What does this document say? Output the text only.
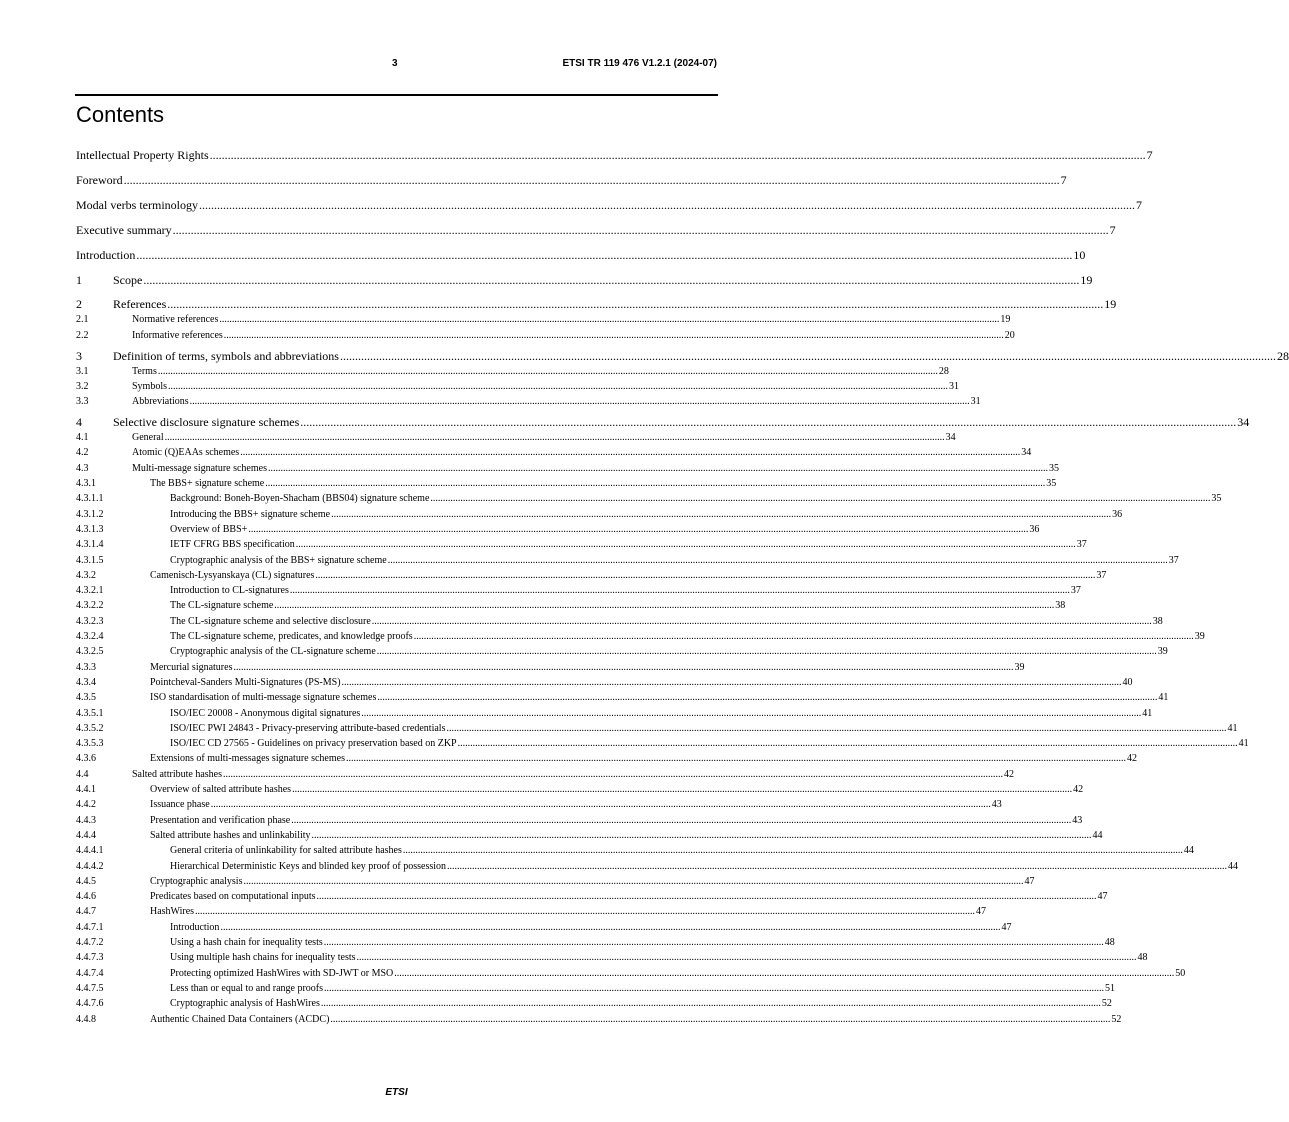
3	ETSI TR 119 476 V1.2.1 (2024-07)
Contents
Intellectual Property Rights .....	7
Foreword .....	7
Modal verbs terminology .....	7
Executive summary .....	7
Introduction .....	10
1	Scope .....	19
2	References .....	19
2.1	Normative references .....	19
2.2	Informative references .....	20
3	Definition of terms, symbols and abbreviations .....	28
3.1	Terms .....	28
3.2	Symbols .....	31
3.3	Abbreviations .....	31
4	Selective disclosure signature schemes .....	34
4.1	General .....	34
4.2	Atomic (Q)EAAs schemes .....	34
4.3	Multi-message signature schemes .....	35
4.3.1	The BBS+ signature scheme .....	35
4.3.1.1	Background: Boneh-Boyen-Shacham (BBS04) signature scheme .....	35
4.3.1.2	Introducing the BBS+ signature scheme .....	36
4.3.1.3	Overview of BBS+ .....	36
4.3.1.4	IETF CFRG BBS specification .....	37
4.3.1.5	Cryptographic analysis of the BBS+ signature scheme .....	37
4.3.2	Camenisch-Lysyanskaya (CL) signatures .....	37
4.3.2.1	Introduction to CL-signatures .....	37
4.3.2.2	The CL-signature scheme .....	38
4.3.2.3	The CL-signature scheme and selective disclosure .....	38
4.3.2.4	The CL-signature scheme, predicates, and knowledge proofs .....	39
4.3.2.5	Cryptographic analysis of the CL-signature scheme .....	39
4.3.3	Mercurial signatures .....	39
4.3.4	Pointcheval-Sanders Multi-Signatures (PS-MS) .....	40
4.3.5	ISO standardisation of multi-message signature schemes .....	41
4.3.5.1	ISO/IEC 20008 - Anonymous digital signatures .....	41
4.3.5.2	ISO/IEC PWI 24843 - Privacy-preserving attribute-based credentials .....	41
4.3.5.3	ISO/IEC CD 27565 - Guidelines on privacy preservation based on ZKP .....	41
4.3.6	Extensions of multi-messages signature schemes .....	42
4.4	Salted attribute hashes .....	42
4.4.1	Overview of salted attribute hashes .....	42
4.4.2	Issuance phase .....	43
4.4.3	Presentation and verification phase .....	43
4.4.4	Salted attribute hashes and unlinkability .....	44
4.4.4.1	General criteria of unlinkability for salted attribute hashes .....	44
4.4.4.2	Hierarchical Deterministic Keys and blinded key proof of possession .....	44
4.4.5	Cryptographic analysis .....	47
4.4.6	Predicates based on computational inputs .....	47
4.4.7	HashWires .....	47
4.4.7.1	Introduction .....	47
4.4.7.2	Using a hash chain for inequality tests .....	48
4.4.7.3	Using multiple hash chains for inequality tests .....	48
4.4.7.4	Protecting optimized HashWires with SD-JWT or MSO .....	50
4.4.7.5	Less than or equal to and range proofs .....	51
4.4.7.6	Cryptographic analysis of HashWires .....	52
4.4.8	Authentic Chained Data Containers (ACDC) .....	52
ETSI
